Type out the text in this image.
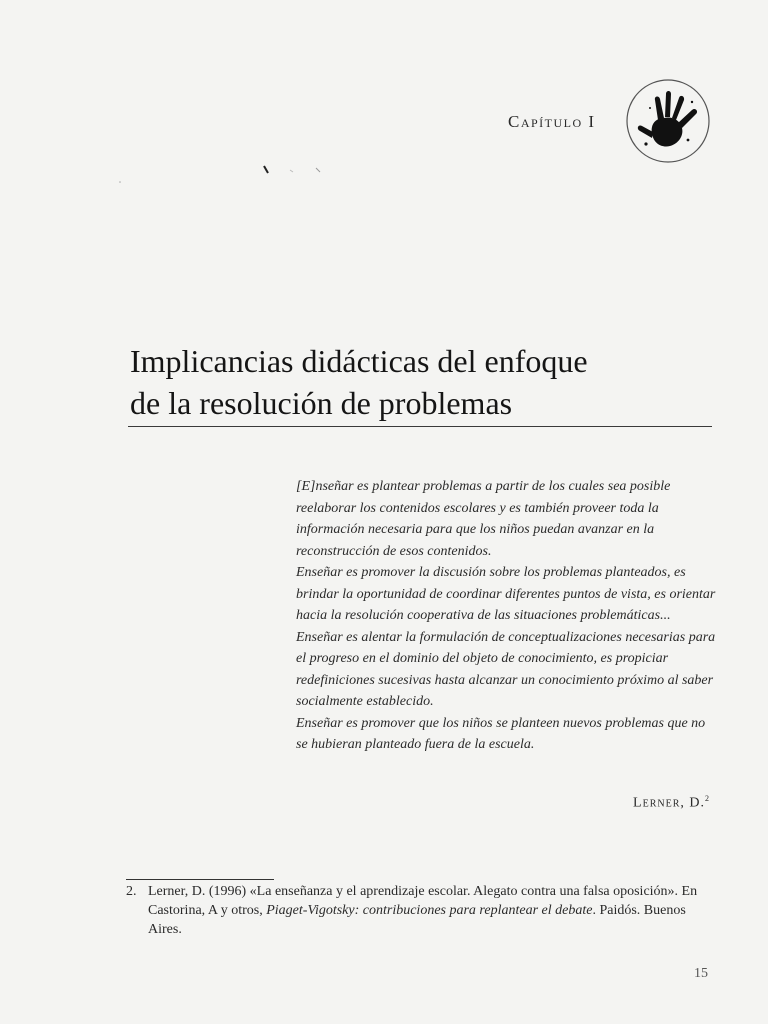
Capítulo I
Implicancias didácticas del enfoque
de la resolución de problemas

[E]nseñar es plantear problemas a partir de los cuales sea posible reelaborar los contenidos escolares y es también proveer toda la información necesaria para que los niños puedan avanzar en la reconstrucción de esos contenidos.

Enseñar es promover la discusión sobre los problemas planteados, es brindar la oportunidad de coordinar diferentes puntos de vista, es orientar hacia la resolución cooperativa de las situaciones problemáticas...

Enseñar es alentar la formulación de conceptualizaciones necesarias para el progreso en el dominio del objeto de conocimiento, es propiciar redefiniciones sucesivas hasta alcanzar un conocimiento próximo al saber socialmente establecido.

Enseñar es promover que los niños se planteen nuevos problemas que no se hubieran planteado fuera de la escuela.

Lerner, D.$^2$
2. Lerner, D. (1996) «La enseñanza y el aprendizaje escolar. Alegato contra una falsa oposición». En Castorina, A y otros, Piaget-Vigotsky: contribuciones para replantear el debate. Paidós. Buenos Aires.
15
